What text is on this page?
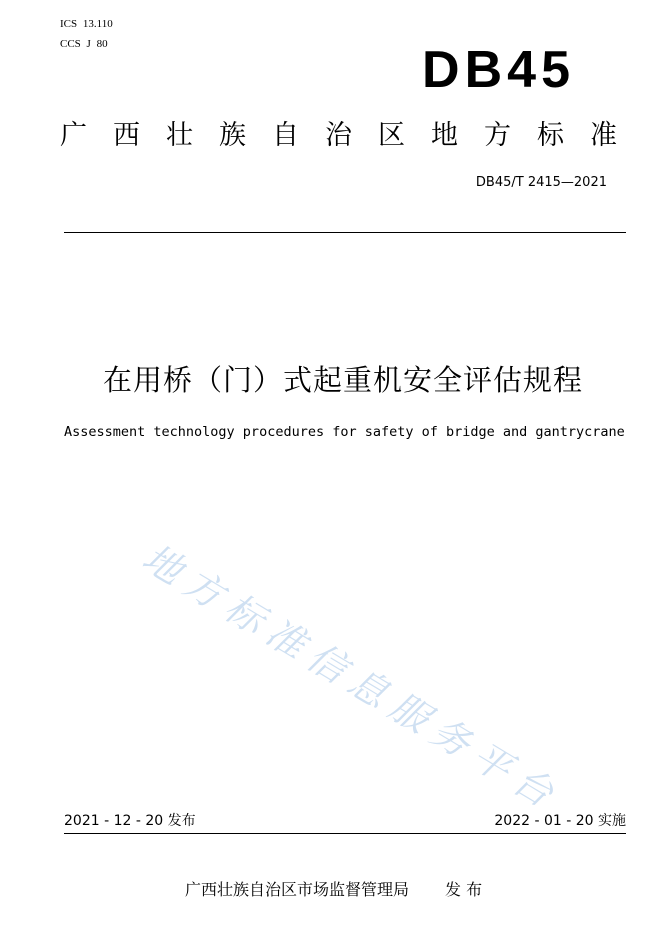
ICS 13.110
CCS J 80	DB45
广西壮族自治区地方标准
DB45/T 2415—2021
在用桥（门）式起重机安全评估规程
Assessment technology procedures for safety of bridge and gantrycrane
地方标准信息服务平台
2021 - 12 - 20 发布	2022 - 01 - 20 实施
广西壮族自治区市场监督管理局 发 布
